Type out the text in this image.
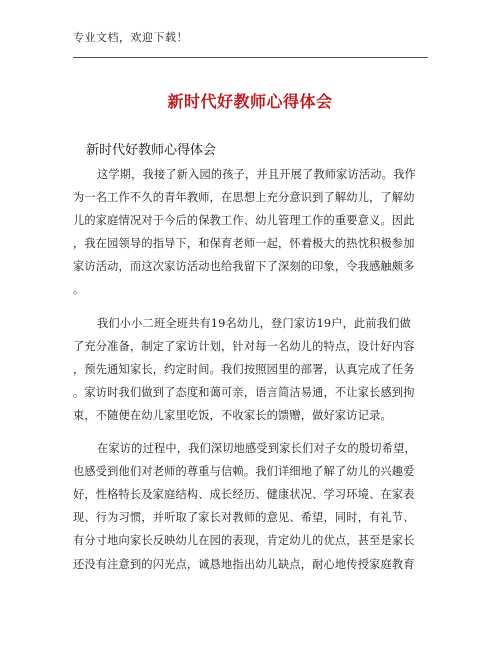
专业文档，欢迎下载！
新时代好教师心得体会
新时代好教师心得体会
这学期，我接了新入园的孩子，并且开展了教师家访活动。我作
为一名工作不久的青年教师，在思想上充分意识到了解幼儿，了解幼
儿的家庭情况对于今后的保教工作、幼儿管理工作的重要意义。因此
，我在园领导的指导下，和保育老师一起，怀着极大的热忱积极参加
家访活动，而这次家访活动也给我留下了深刻的印象，令我感触颇多
。
我们小小二班全班共有19名幼儿，登门家访19户，此前我们做
了充分准备，制定了家访计划，针对每一名幼儿的特点，设计好内容
，预先通知家长，约定时间。我们按照园里的部署，认真完成了任务
。家访时我们做到了态度和蔼可亲，语言简洁易通，不让家长感到拘
束，不随便在幼儿家里吃饭，不收家长的馈赠，做好家访记录。
在家访的过程中，我们深切地感受到家长们对子女的殷切希望，
也感受到他们对老师的尊重与信赖。我们详细地了解了幼儿的兴趣爱
好，性格特长及家庭结构、成长经历、健康状况、学习环境、在家表
现、行为习惯，并听取了家长对教师的意见、希望，同时，有礼节、
有分寸地向家长反映幼儿在园的表现，肯定幼儿的优点，甚至是家长
还没有注意到的闪光点，诚恳地指出幼儿缺点，耐心地传授家庭教育
